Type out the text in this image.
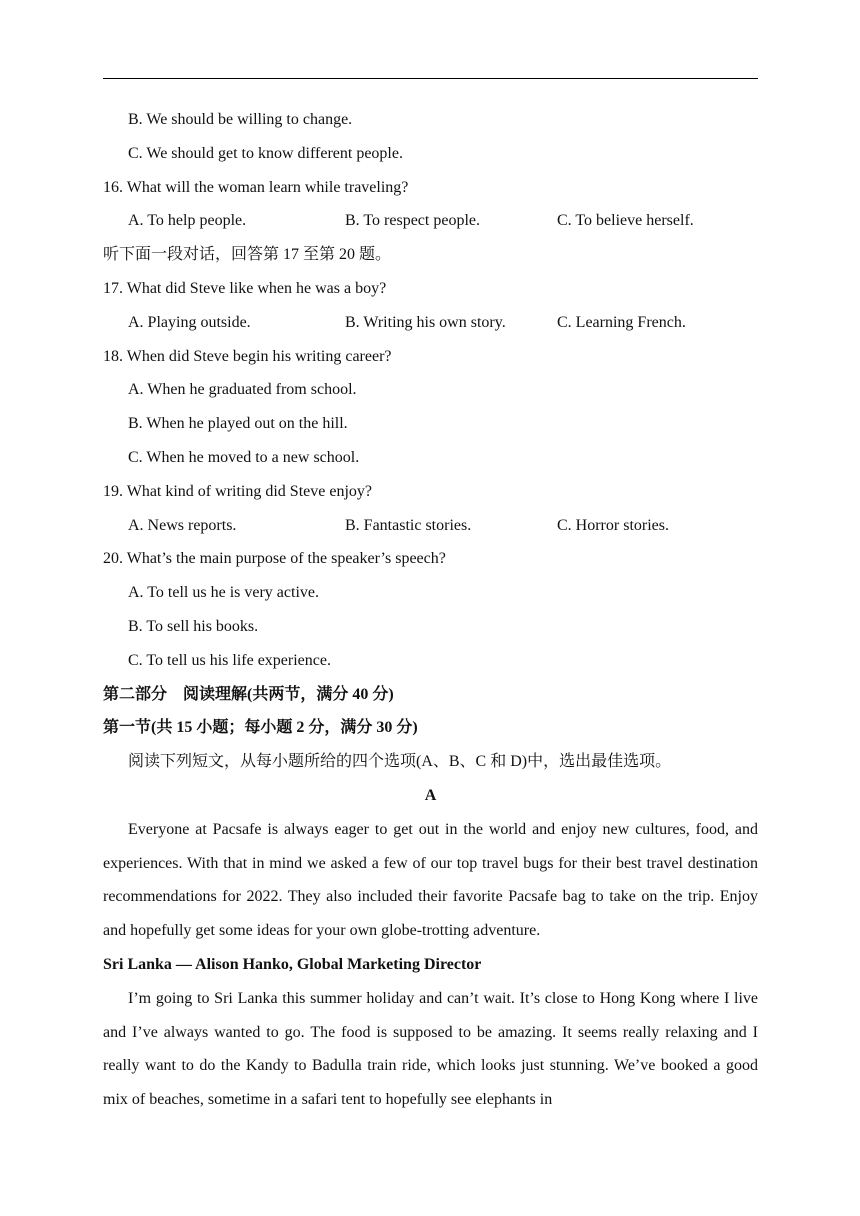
B. We should be willing to change.
C. We should get to know different people.
16. What will the woman learn while traveling?
A. To help people.	B. To respect people.	C. To believe herself.
听下面一段对话，回答第 17 至第 20 题。
17. What did Steve like when he was a boy?
A. Playing outside.	B. Writing his own story.	C. Learning French.
18. When did Steve begin his writing career?
A. When he graduated from school.
B. When he played out on the hill.
C. When he moved to a new school.
19. What kind of writing did Steve enjoy?
A. News reports.	B. Fantastic stories.	C. Horror stories.
20. What’s the main purpose of the speaker’s speech?
A. To tell us he is very active.
B. To sell his books.
C. To tell us his life experience.
第二部分　阅读理解(共两节，满分 40 分)
第一节(共 15 小题；每小题 2 分，满分 30 分)
阅读下列短文，从每小题所给的四个选项(A、B、C 和 D)中，选出最佳选项。
A
Everyone at Pacsafe is always eager to get out in the world and enjoy new cultures, food, and experiences. With that in mind we asked a few of our top travel bugs for their best travel destination recommendations for 2022. They also included their favorite Pacsafe bag to take on the trip. Enjoy and hopefully get some ideas for your own globe-trotting adventure.
Sri Lanka — Alison Hanko, Global Marketing Director
I’m going to Sri Lanka this summer holiday and can’t wait. It’s close to Hong Kong where I live and I’ve always wanted to go. The food is supposed to be amazing. It seems really relaxing and I really want to do the Kandy to Badulla train ride, which looks just stunning. We’ve booked a good mix of beaches, sometime in a safari tent to hopefully see elephants in
